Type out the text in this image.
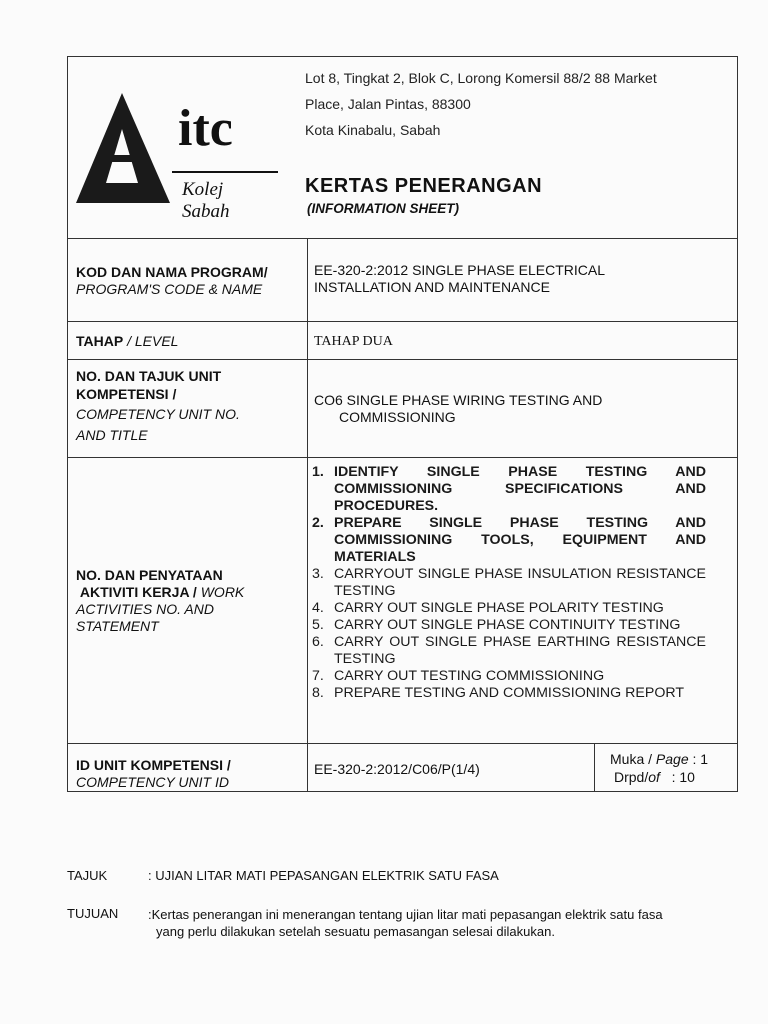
itc
Kolej Sabah
Lot 8, Tingkat 2, Blok C, Lorong Komersil 88/2 88 Market
Place, Jalan Pintas, 88300
Kota Kinabalu, Sabah
KERTAS PENERANGAN
(INFORMATION SHEET)
KOD DAN NAMA PROGRAM/
PROGRAM'S CODE & NAME
EE-320-2:2012 SINGLE PHASE ELECTRICAL
INSTALLATION AND MAINTENANCE
TAHAP / LEVEL	TAHAP DUA
NO. DAN TAJUK UNIT
KOMPETENSI /
COMPETENCY UNIT NO.
AND TITLE
CO6 SINGLE PHASE WIRING TESTING AND
COMMISSIONING
NO. DAN PENYATAAN
AKTIVITI KERJA / WORK
ACTIVITIES NO. AND
STATEMENT
1. IDENTIFY SINGLE PHASE TESTING AND COMMISSIONING SPECIFICATIONS AND PROCEDURES.
2. PREPARE SINGLE PHASE TESTING AND COMMISSIONING TOOLS, EQUIPMENT AND MATERIALS
3. CARRYOUT SINGLE PHASE INSULATION RESISTANCE TESTING
4. CARRY OUT SINGLE PHASE POLARITY TESTING
5. CARRY OUT SINGLE PHASE CONTINUITY TESTING
6. CARRY OUT SINGLE PHASE EARTHING RESISTANCE TESTING
7. CARRY OUT TESTING COMMISSIONING
8. PREPARE TESTING AND COMMISSIONING REPORT
ID UNIT KOMPETENSI /
COMPETENCY UNIT ID
EE-320-2:2012/C06/P(1/4)
Muka / Page : 1
Drpd/of : 10
TAJUK	: UJIAN LITAR MATI PEPASANGAN ELEKTRIK SATU FASA
TUJUAN :Kertas penerangan ini menerangan tentang ujian litar mati pepasangan elektrik satu fasa
yang perlu dilakukan setelah sesuatu pemasangan selesai dilakukan.
